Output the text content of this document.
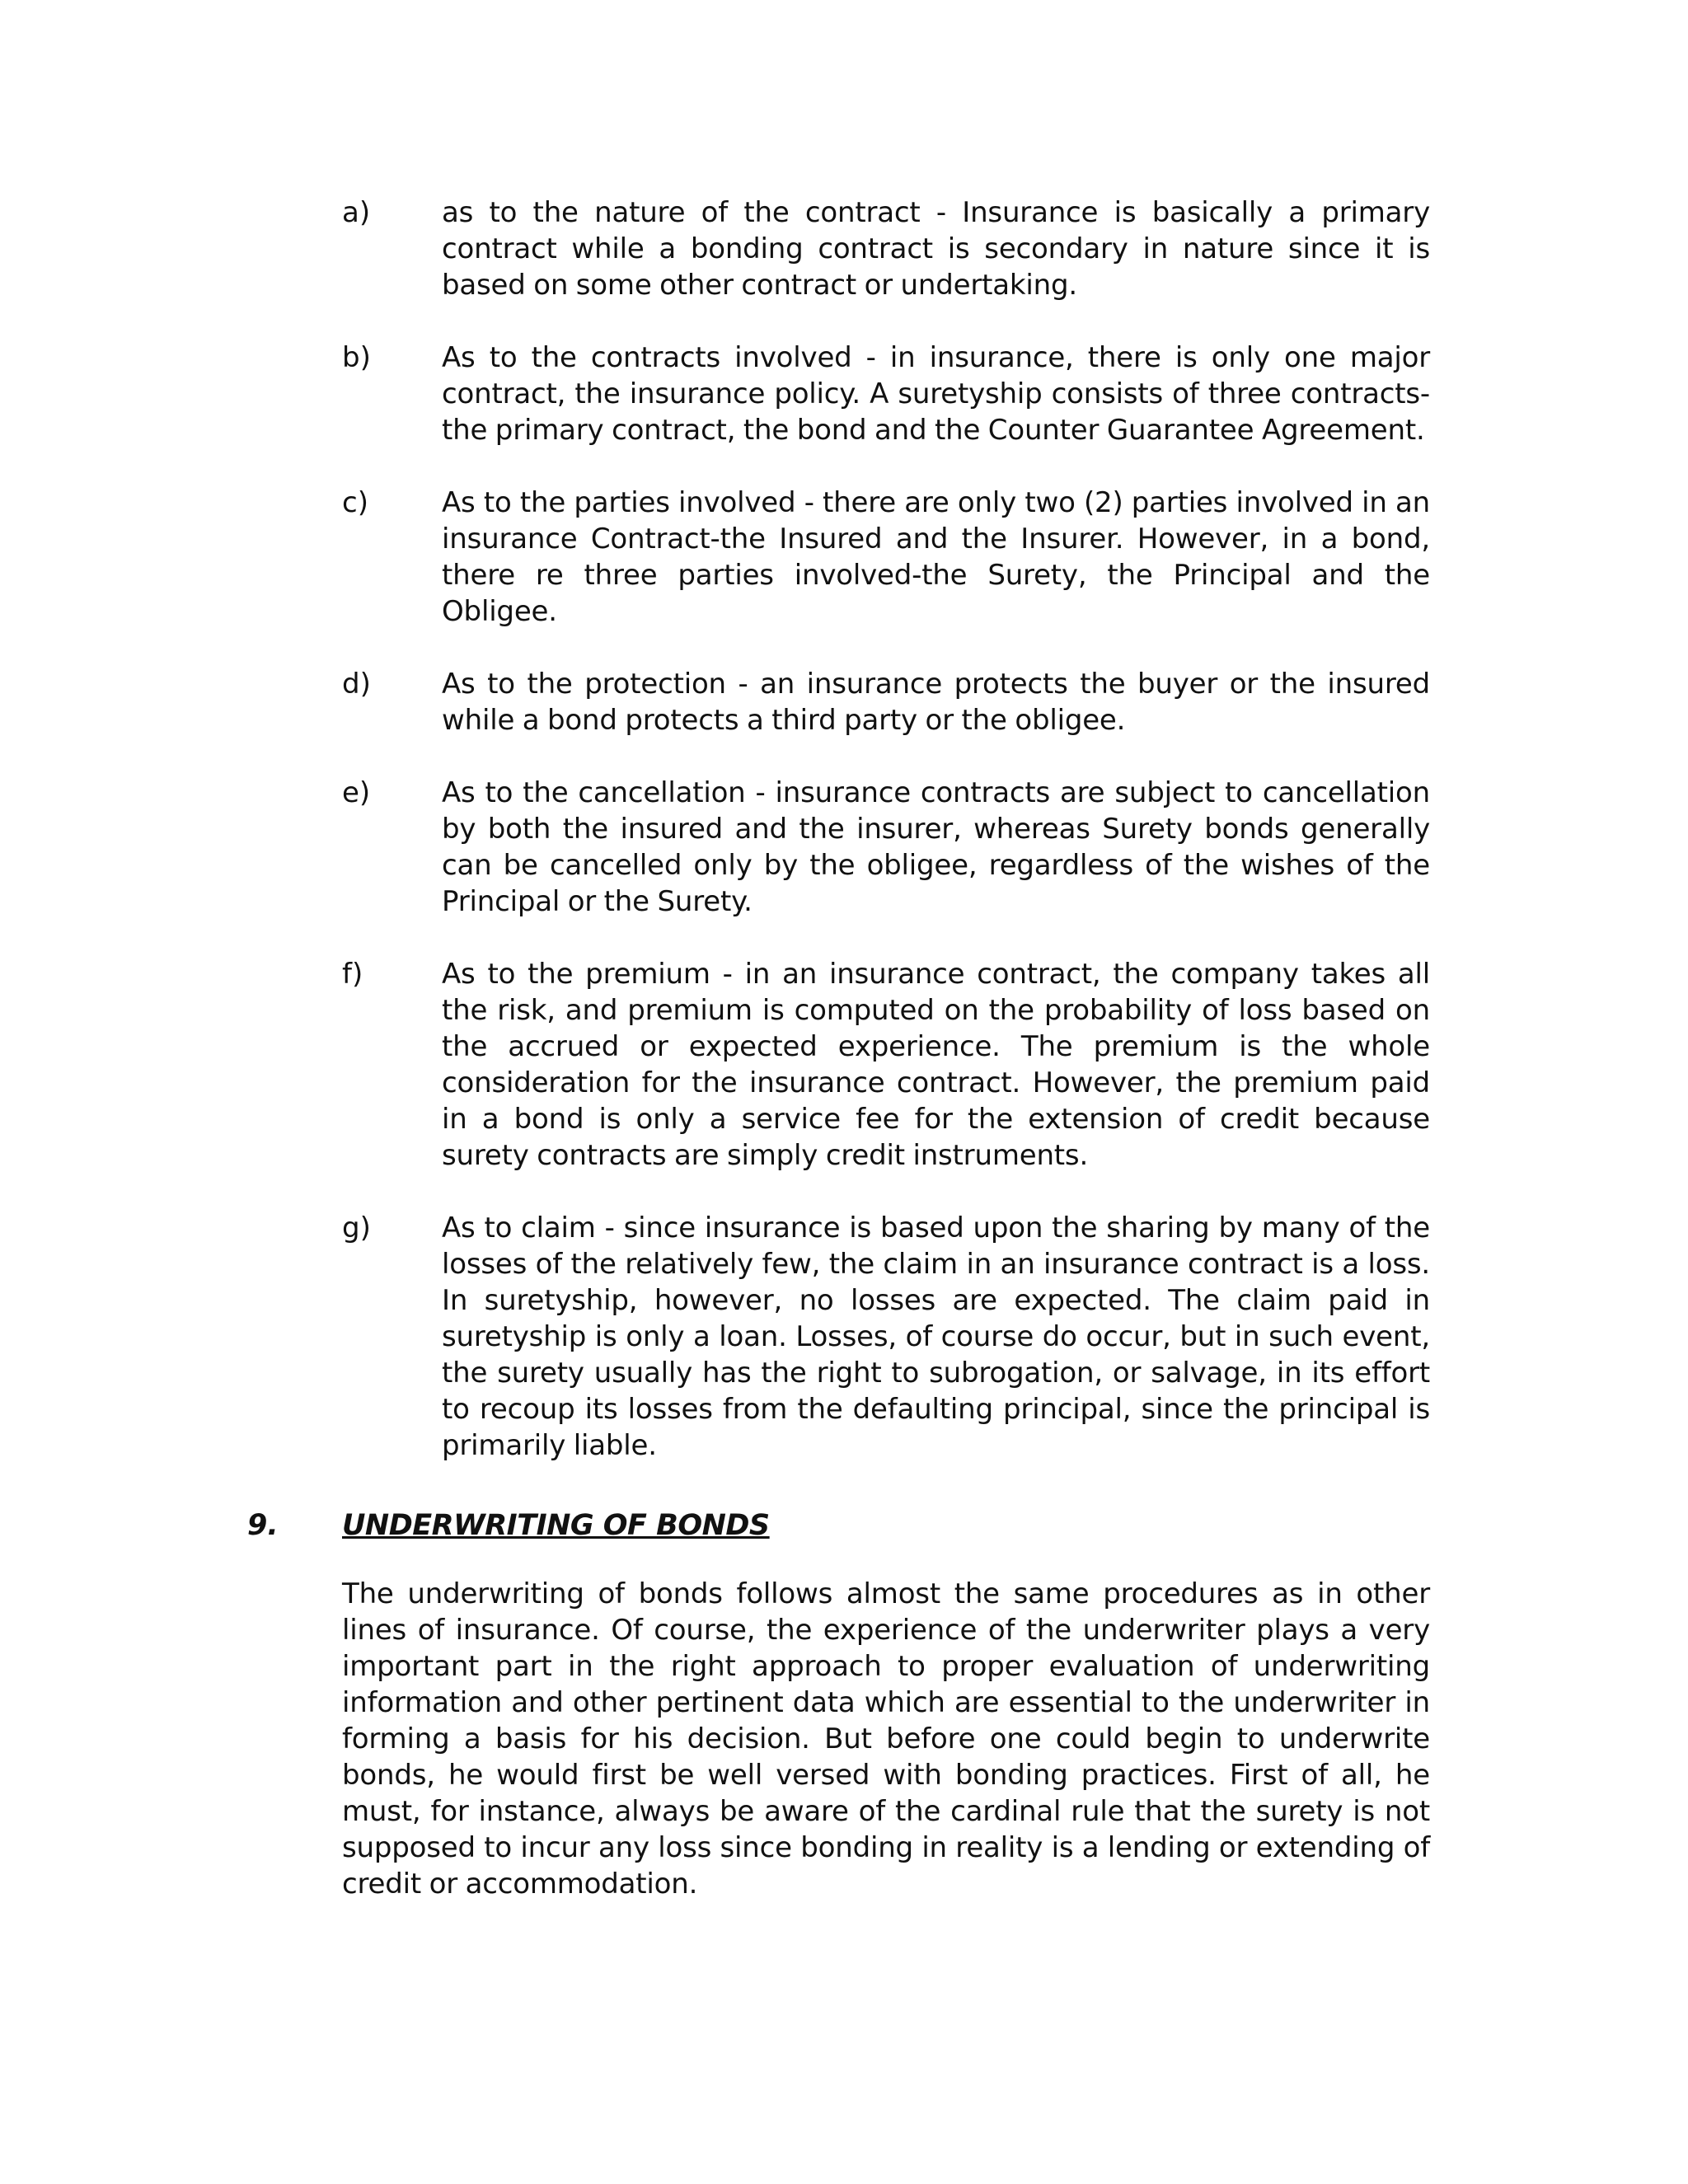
a)	as to the nature of the contract - Insurance is basically a primary contract while a bonding contract is secondary in nature since it is based on some other contract or undertaking.
b)	As to the contracts involved - in insurance, there is only one major contract, the insurance policy. A suretyship consists of three contracts-the primary contract, the bond and the Counter Guarantee Agreement.
c)	As to the parties involved - there are only two (2) parties involved in an insurance Contract-the Insured and the Insurer. However, in a bond, there re three parties involved-the Surety, the Principal and the Obligee.
d)	As to the protection - an insurance protects the buyer or the insured while a bond protects a third party or the obligee.
e)	As to the cancellation - insurance contracts are subject to cancellation by both the insured and the insurer, whereas Surety bonds generally can be cancelled only by the obligee, regardless of the wishes of the Principal or the Surety.
f)	As to the premium - in an insurance contract, the company takes all the risk, and premium is computed on the probability of loss based on the accrued or expected experience. The premium is the whole consideration for the insurance contract. However, the premium paid in a bond is only a service fee for the extension of credit because surety contracts are simply credit instruments.
g)	As to claim - since insurance is based upon the sharing by many of the losses of the relatively few, the claim in an insurance contract is a loss. In suretyship, however, no losses are expected. The claim paid in suretyship is only a loan. Losses, of course do occur, but in such event, the surety usually has the right to subrogation, or salvage, in its effort to recoup its losses from the defaulting principal, since the principal is primarily liable.
9. UNDERWRITING OF BONDS
The underwriting of bonds follows almost the same procedures as in other lines of insurance. Of course, the experience of the underwriter plays a very important part in the right approach to proper evaluation of underwriting information and other pertinent data which are essential to the underwriter in forming a basis for his decision. But before one could begin to underwrite bonds, he would first be well versed with bonding practices. First of all, he must, for instance, always be aware of the cardinal rule that the surety is not supposed to incur any loss since bonding in reality is a lending or extending of credit or accommodation.
